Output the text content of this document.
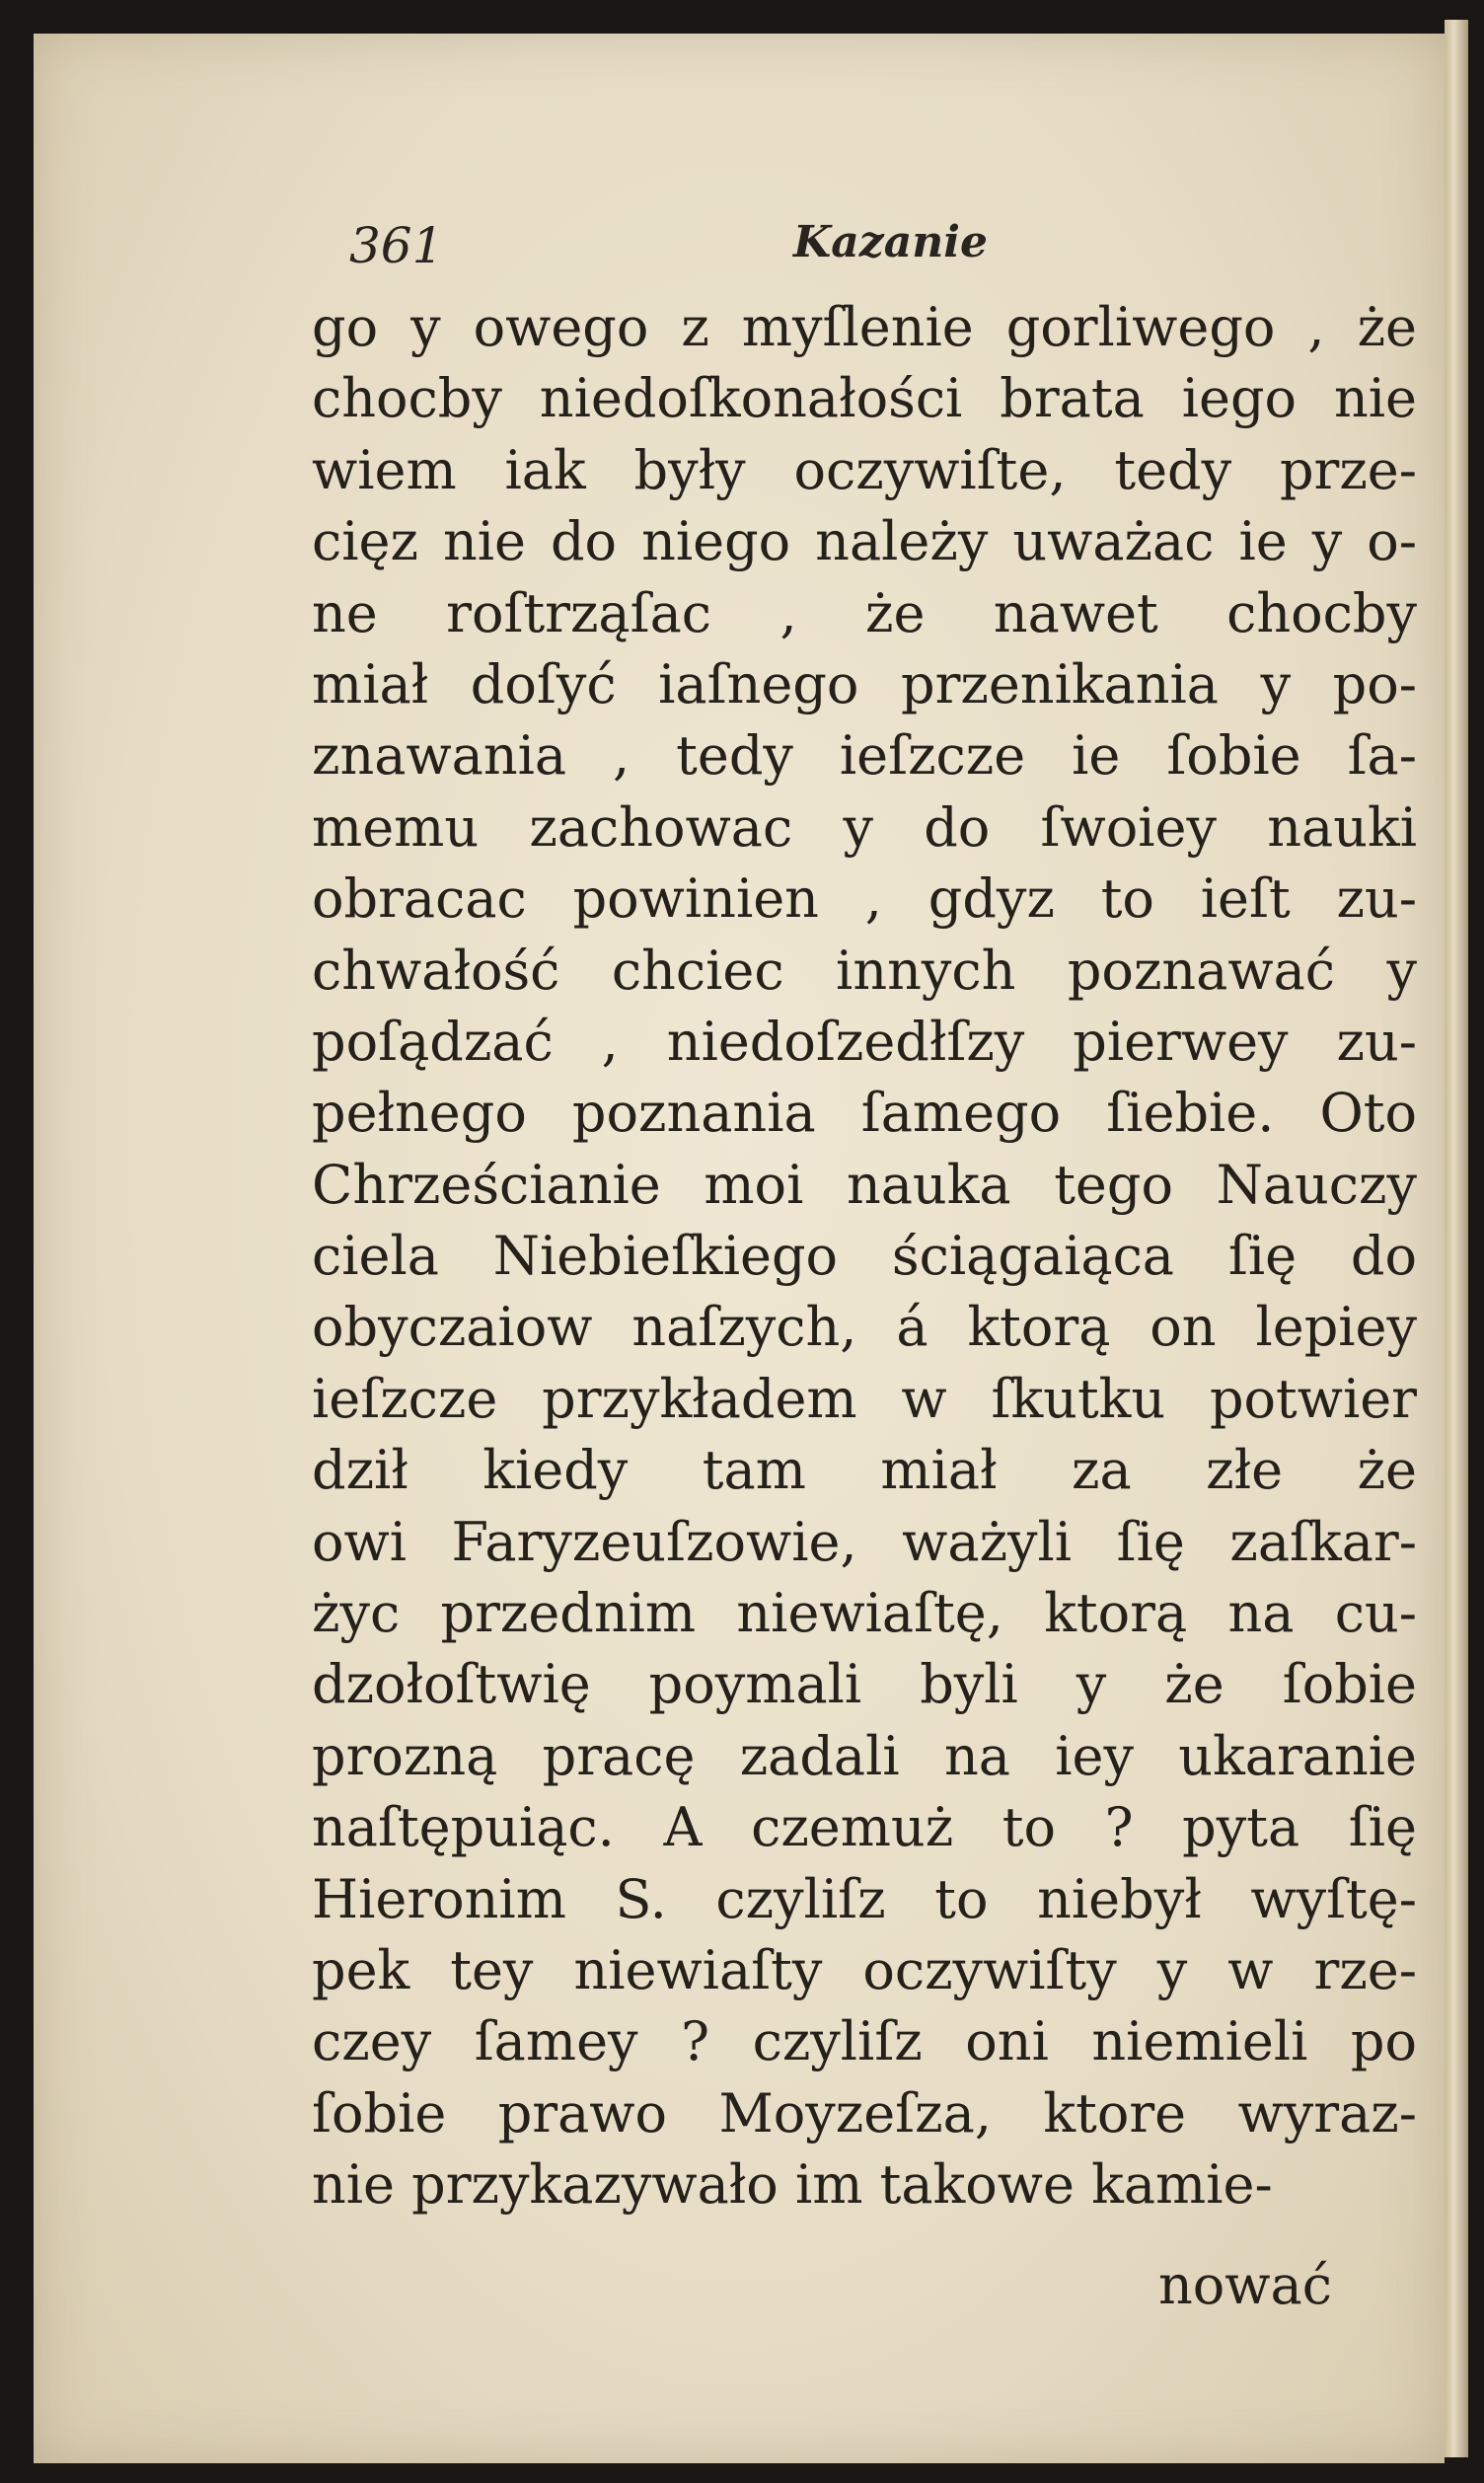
361	Kazanie
go y owego z myſlenie gorliwego , że
chocby niedoſkonałości brata iego nie
wiem iak były oczywiſte, tedy prze-
cięz nie do niego należy uważac ie y o-
ne roſtrząſac , że nawet chocby
miał doſyć iaſnego przenikania y po-
znawania , tedy ieſzcze ie ſobie ſa-
memu zachowac y do ſwoiey nauki
obracac powinien , gdyz to ieſt zu-
chwałość chciec innych poznawać y
poſądzać , niedoſzedłſzy pierwey zu-
pełnego poznania ſamego ſiebie. Oto
Chrześcianie moi nauka tego Nauczy
ciela Niebieſkiego ściągaiąca ſię do
obyczaiow naſzych, á ktorą on lepiey
ieſzcze przykładem w ſkutku potwier
dził kiedy tam miał za złe że
owi Faryzeuſzowie, ważyli ſię zaſkar-
życ przednim niewiaſtę, ktorą na cu-
dzołoſtwię poymali byli y że ſobie
prozną pracę zadali na iey ukaranie
naſtępuiąc. A czemuż to ? pyta ſię
Hieronim S. czyliſz to niebył wyſtę-
pek tey niewiaſty oczywiſty y w rze-
czey ſamey ? czyliſz oni niemieli po
ſobie prawo Moyzeſza, ktore wyraz-
nie przykazywało im takowe kamie-
nować
